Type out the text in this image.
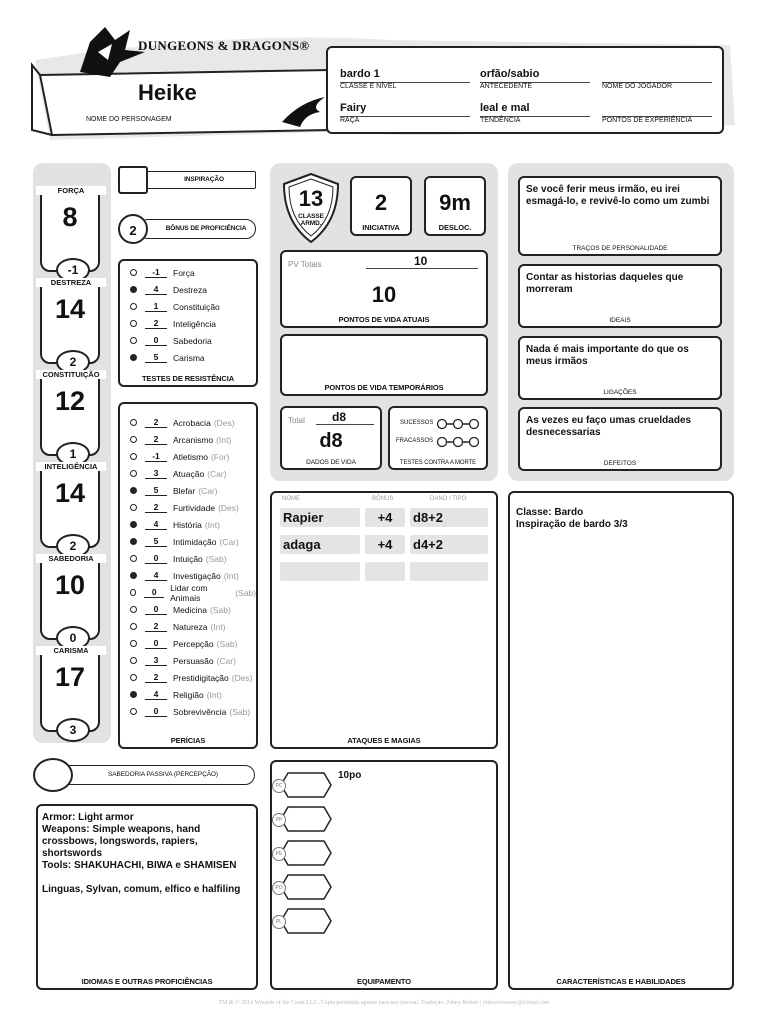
DUNGEONS & DRAGONS®
Heike
NOME DO PERSONAGEM
bardo 1
CLASSE E NÍVEL
orfão/sabio
ANTECEDENTE	NOME DO JOGADOR
Fairy
RAÇA
leal e mal
TENDÊNCIA	PONTOS DE EXPERIÊNCIA
FORÇA
8
-1
DESTREZA
14
2
CONSTITUIÇÃO
12
1
INTELIGÊNCIA
14
2
SABEDORIA
10
0
CARISMA
17
3
INSPIRAÇÃO
2	BÔNUS DE PROFICIÊNCIA
-1	Força
4	Destreza
1	Constituição
2	Inteligência
0	Sabedoria
5	Carisma
TESTES DE RESISTÊNCIA
2	Acrobacia (Des)
2	Arcanismo (Int)
-1	Atletismo (For)
3	Atuação (Car)
5	Blefar (Car)
2	Furtividade (Des)
4	História (Int)
5	Intimidação (Car)
0	Intuição (Sab)
4	Investigação (Int)
0	Lidar com Animais	(Sab)
0	Medicina (Sab)
2	Natureza (Int)
0	Percepção (Sab)
3	Persuasão (Car)
2	Prestidigitação (Des)
4	Religião (Int)
0	Sobrevivência (Sab)
PERÍCIAS
SABEDORIA PASSIVA (PERCEPÇÃO)
Armor: Light armor
Weapons: Simple weapons, hand crossbows, longswords, rapiers, shortswords
Tools: SHAKUHACHI, BIWA e SHAMISEN
Linguas, Sylvan, comum, elfico e halfiling
IDIOMAS E OUTRAS PROFICIÊNCIAS
13
CLASSE ARMD.
2
INICIATIVA
9m
DESLOC.
PV Totais	10
10
PONTOS DE VIDA ATUAIS
PONTOS DE VIDA TEMPORÁRIOS
Total d8
d8
DADOS DE VIDA
SUCESSOS
FRACASSOS
TESTES CONTRA A MORTE
Se você ferir meus irmão, eu irei esmagá-lo, e revivê-lo como um zumbi
TRAÇOS DE PERSONALIDADE
Contar as historias daqueles que morreram
IDEAIS
Nada é mais importante do que os meus irmãos
LIGAÇÕES
As vezes eu faço umas crueldades desnecessarias
DEFEITOS
NOME	BÔNUS	DANO / TIPO
Rapier	+4	d8+2
adaga	+4	d4+2
ATAQUES E MAGIAS
10po
EQUIPAMENTO
PC
PP
PE
PO
PL
Classe: Bardo
Inspiração de bardo 3/3
CARACTERÍSTICAS E HABILIDADES
TM & © 2014 Wizards of the Coast LLC. Cópia permitida apenas para uso pessoal. Tradução: Johny Bobert | jmborrowerny@icloud.com
